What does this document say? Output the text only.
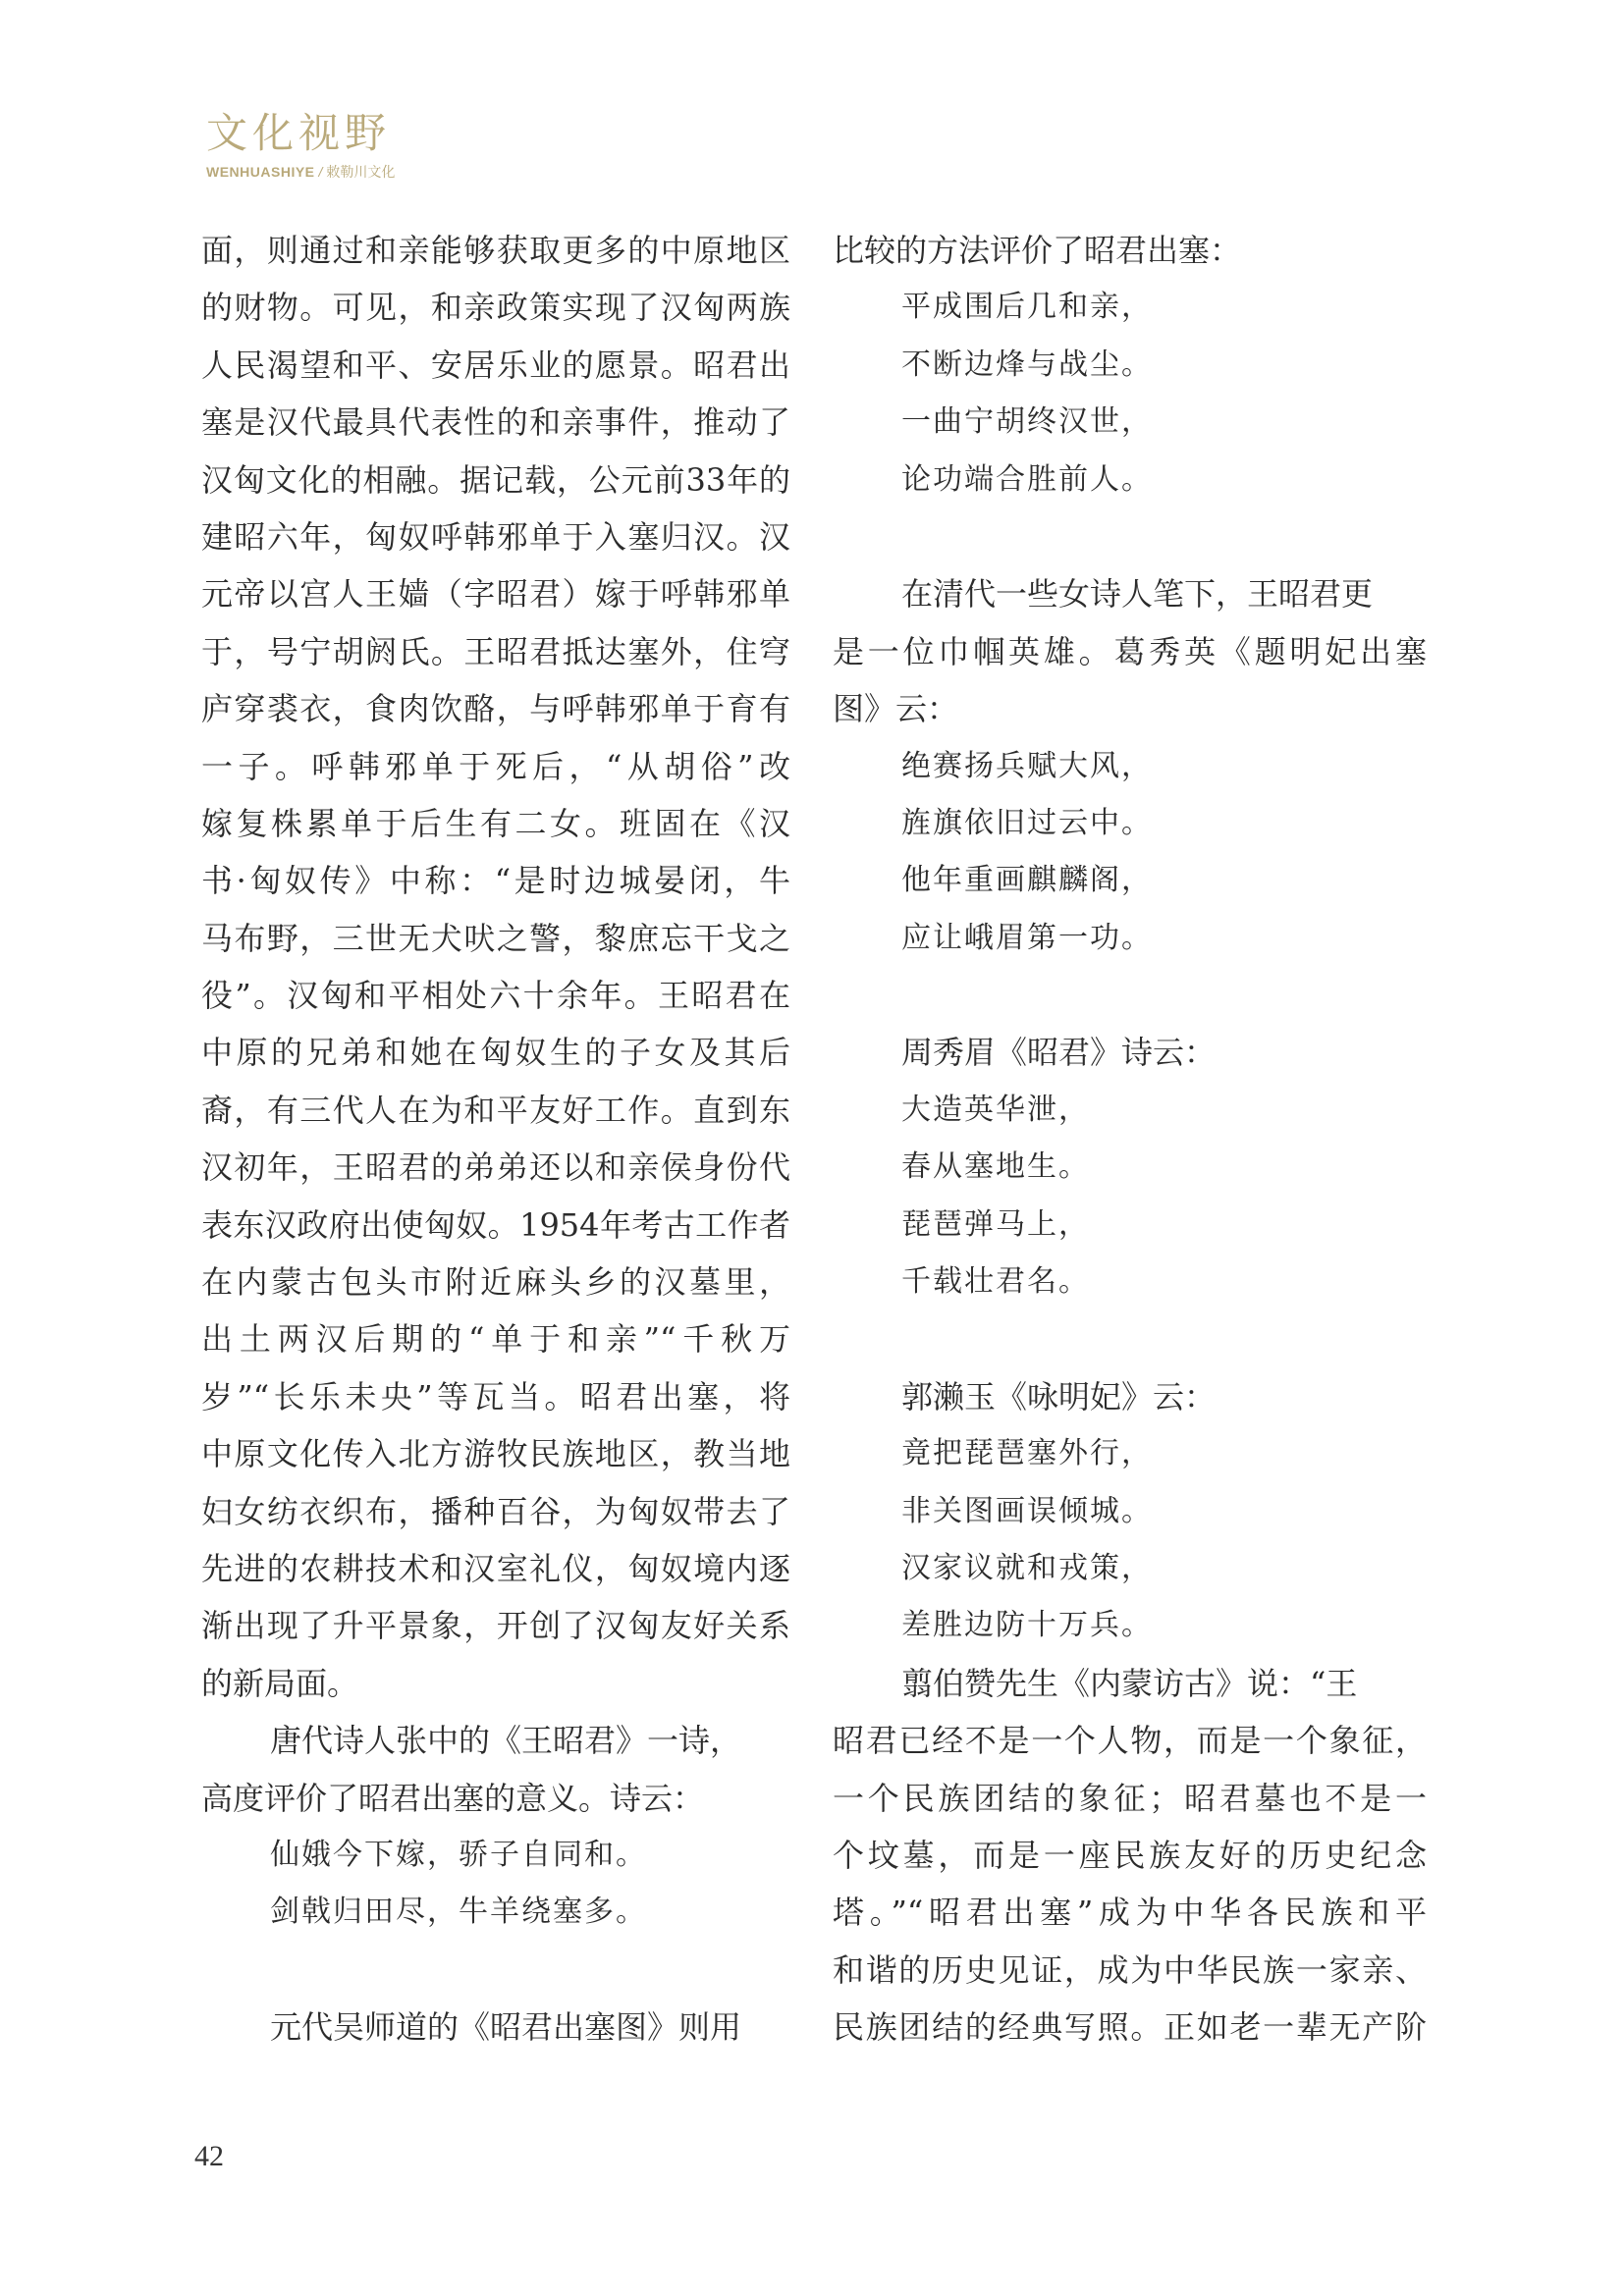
文化视野
WENHUASHIYE / 敕勒川文化
面，则通过和亲能够获取更多的中原地区
的财物。可见，和亲政策实现了汉匈两族
人民渴望和平、安居乐业的愿景。昭君出
塞是汉代最具代表性的和亲事件，推动了
汉匈文化的相融。据记载，公元前33年的
建昭六年，匈奴呼韩邪单于入塞归汉。汉
元帝以宫人王嫱（字昭君）嫁于呼韩邪单
于，号宁胡阏氏。王昭君抵达塞外，住穹
庐穿裘衣，食肉饮酪，与呼韩邪单于育有
一子。呼韩邪单于死后，“从胡俗”改
嫁复株累单于后生有二女。班固在《汉
书·匈奴传》中称：“是时边城晏闭，牛
马布野，三世无犬吠之警，黎庶忘干戈之
役”。汉匈和平相处六十余年。王昭君在
中原的兄弟和她在匈奴生的子女及其后
裔，有三代人在为和平友好工作。直到东
汉初年，王昭君的弟弟还以和亲侯身份代
表东汉政府出使匈奴。1954年考古工作者
在内蒙古包头市附近麻头乡的汉墓里，
出土两汉后期的“单于和亲”“千秋万
岁”“长乐未央”等瓦当。昭君出塞，将
中原文化传入北方游牧民族地区，教当地
妇女纺衣织布，播种百谷，为匈奴带去了
先进的农耕技术和汉室礼仪，匈奴境内逐
渐出现了升平景象，开创了汉匈友好关系
的新局面。
唐代诗人张中的《王昭君》一诗，
高度评价了昭君出塞的意义。诗云：
仙娥今下嫁，骄子自同和。
剑戟归田尽，牛羊绕塞多。
元代吴师道的《昭君出塞图》则用
比较的方法评价了昭君出塞：
平成围后几和亲，
不断边烽与战尘。
一曲宁胡终汉世，
论功端合胜前人。
在清代一些女诗人笔下，王昭君更
是一位巾帼英雄。葛秀英《题明妃出塞
图》云：
绝赛扬兵赋大风，
旌旗依旧过云中。
他年重画麒麟阁，
应让峨眉第一功。
周秀眉《昭君》诗云：
大造英华泄，
春从塞地生。
琵琶弹马上，
千载壮君名。
郭濑玉《咏明妃》云：
竟把琵琶塞外行，
非关图画误倾城。
汉家议就和戎策，
差胜边防十万兵。
翦伯赞先生《内蒙访古》说：“王
昭君已经不是一个人物，而是一个象征，
一个民族团结的象征；昭君墓也不是一
个坟墓，而是一座民族友好的历史纪念
塔。”“昭君出塞”成为中华各民族和平
和谐的历史见证，成为中华民族一家亲、
民族团结的经典写照。正如老一辈无产阶
42
